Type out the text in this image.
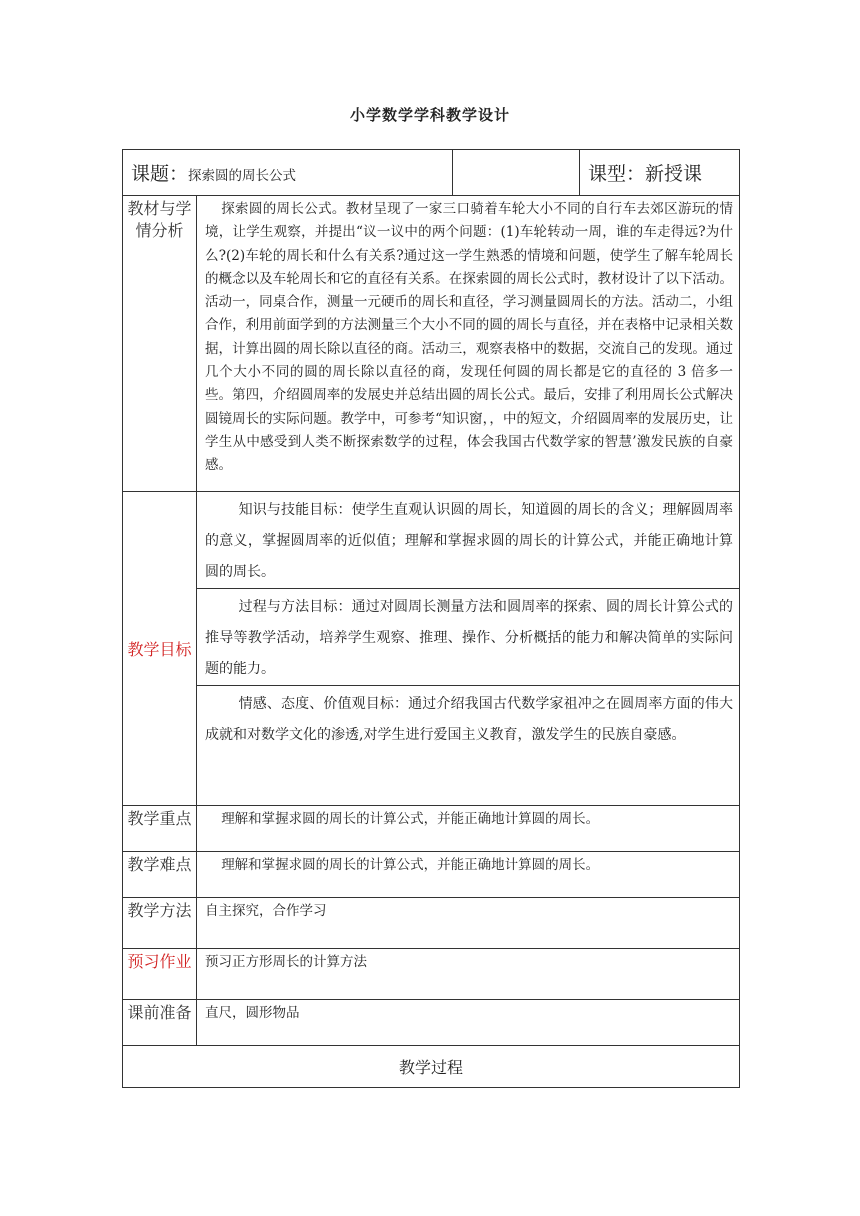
小学数学学科教学设计
课题：探索圆的周长公式			课型：新授课
教材与学情分析	探索圆的周长公式。教材呈现了一家三口骑着车轮大小不同的自行车去郊区游玩的情境，让学生观察，并提出“议一议中的两个问题：(1)车轮转动一周，谁的车走得远?为什么?(2)车轮的周长和什么有关系?通过这一学生熟悉的情境和问题，使学生了解车轮周长的概念以及车轮周长和它的直径有关系。在探索圆的周长公式时，教材设计了以下活动。活动一，同桌合作，测量一元硬币的周长和直径，学习测量圆周长的方法。活动二，小组合作，利用前面学到的方法测量三个大小不同的圆的周长与直径，并在表格中记录相关数据，计算出圆的周长除以直径的商。活动三，观察表格中的数据，交流自己的发现。通过几个大小不同的圆的周长除以直径的商，发现任何圆的周长都是它的直径的 3 倍多一些。第四，介绍圆周率的发展史并总结出圆的周长公式。最后，安排了利用周长公式解决圆镜周长的实际问题。教学中，可参考“知识窗，，中的短文，介绍圆周率的发展历史，让学生从中感受到人类不断探索数学的过程，体会我国古代数学家的智慧’激发民族的自豪感。		
教学目标	知识与技能目标：使学生直观认识圆的周长，知道圆的周长的含义；理解圆周率的意义，掌握圆周率的近似值；理解和掌握求圆的周长的计算公式，并能正确地计算圆的周长。		
	过程与方法目标：通过对圆周长测量方法和圆周率的探索、圆的周长计算公式的推导等教学活动，培养学生观察、推理、操作、分析概括的能力和解决简单的实际问题的能力。		
	情感、态度、价值观目标：通过介绍我国古代数学家祖冲之在圆周率方面的伟大成就和对数学文化的渗透,对学生进行爱国主义教育，激发学生的民族自豪感。		
教学重点	理解和掌握求圆的周长的计算公式，并能正确地计算圆的周长。		
教学难点	理解和掌握求圆的周长的计算公式，并能正确地计算圆的周长。		
教学方法	自主探究，合作学习		
预习作业	预习正方形周长的计算方法		
课前准备	直尺，圆形物品		
教学过程			
